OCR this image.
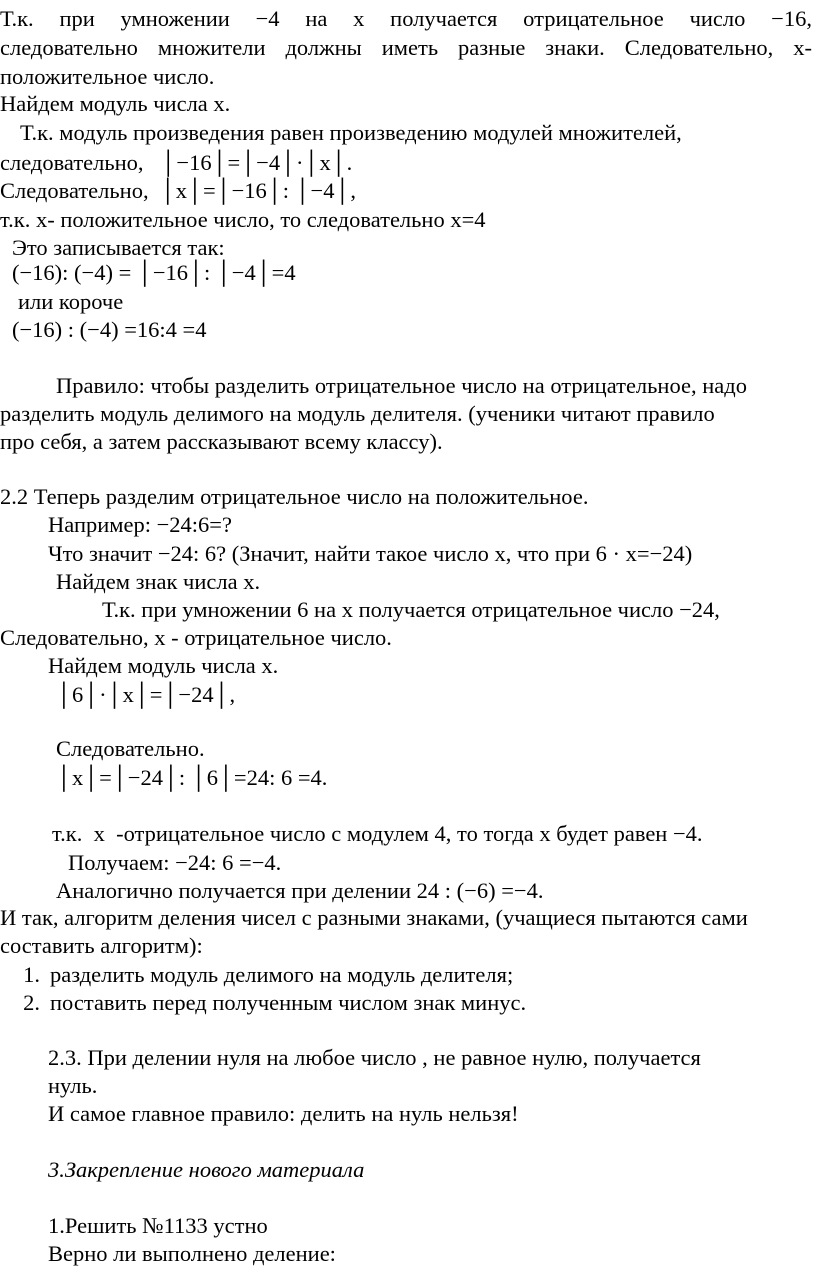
Т.к. при умножении −4 на х получается отрицательное число −16,

следовательно множители должны иметь разные знаки. Следовательно, х-

положительное число.

Найдем модуль числа х.

Т.к. модуль произведения равен произведению модулей множителей,

следовательно,   │−16│=│−4│·│х│.

Следовательно,  │х│=│−16│: │−4│,

т.к. х- положительное число, то следовательно х=4

Это записывается так:

(−16): (−4) = │−16│: │−4│=4

или короче

(−16) : (−4) =16:4 =4

Правило: чтобы разделить отрицательное число на отрицательное, надо

разделить модуль делимого на модуль делителя. (ученики читают правило

про себя, а затем рассказывают всему классу).

2.2 Теперь разделим отрицательное число на положительное.

Например: −24:6=?

Что значит −24: 6? (Значит, найти такое число х, что при 6 · х=−24)

Найдем знак числа х.

Т.к. при умножении 6 на х получается отрицательное число −24,

Следовательно, х - отрицательное число.

Найдем модуль числа х.

│6│·│х│=│−24│,

Следовательно.

│х│=│−24│: │6│=24: 6 =4.

т.к.  х  -отрицательное число с модулем 4, то тогда х будет равен −4.

Получаем: −24: 6 =−4.

Аналогично получается при делении 24 : (−6) =−4.

И так, алгоритм деления чисел с разными знаками, (учащиеся пытаются сами

составить алгоритм):

1. разделить модуль делимого на модуль делителя;

2. поставить перед полученным числом знак минус.

2.3. При делении нуля на любое число , не равное нулю, получается

нуль.

И самое главное правило: делить на нуль нельзя!

3.Закрепление нового материала

1.Решить №1133 устно

Верно ли выполнено деление:
